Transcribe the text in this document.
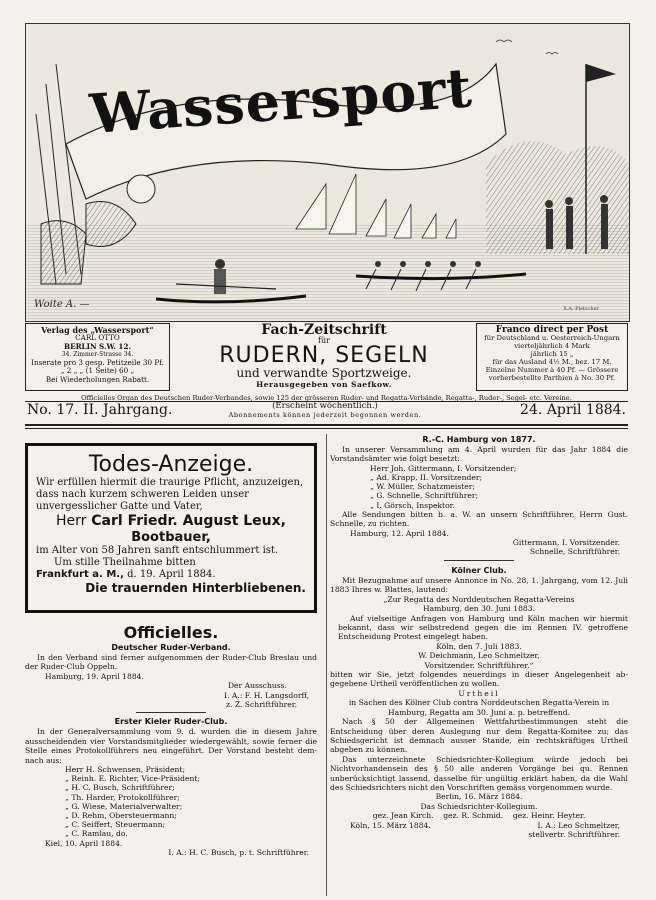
Wassersport
Woite A. —	X.A. Pletscher
Verlag des „Wassersport“
CARL OTTO
BERLIN S.W. 12.
34. Zimmer-Strasse 34.
Inserate pro 3 gesp. Petitzeile 30 Pf.
„ 2 „ „ (1 Seite) 60 „
Bei Wiederholungen Rabatt.
Fach-Zeitschrift
für
RUDERN, SEGELN
und verwandte Sportzweige.
Herausgegeben von Saefkow.
Franco direct per Post
für Deutschland u. Oesterreich-Ungarn
vierteljährlich 4 Mark
jährlich 15 „
für das Ausland 4½ M., bez. 17 M.
Einzelne Nummer à 40 Pf. — Grössere
vorherbestellte Parthien à No. 30 Pf.
Officielles Organ des Deutschen Ruder-Verbandes, sowie 125 der grösseren Ruder- und Regatta-Verbände, Regatta-, Ruder-, Segel- etc. Vereine.
No. 17. II. Jahrgang.	(Erscheint wöchentlich.)
Abonnements können jederzeit begonnen werden.	24. April 1884.
Todes-Anzeige.
Wir erfüllen hiermit die traurige Pflicht, anzuzeigen, dass nach kurzem schweren Leiden unser unvergesslicher Gatte und Vater,
Herr Carl Friedr. August Leux,
Bootbauer,
im Alter von 58 Jahren sanft entschlummert ist.
Um stille Theilnahme bitten
Frankfurt a. M., d. 19. April 1884.
Die trauernden Hinterbliebenen.
Officielles.
Deutscher Ruder-Verband.
In den Verband sind ferner aufgenommen der Ruder-Club Breslau und der Ruder-Club Oppeln.
Hamburg, 19. April 1884.
Der Ausschuss.
I. A.: F. H. Langsdorff,
z. Z. Schriftführer.
Erster Kieler Ruder-Club.
In der Generalversammlung vom 9. d. wurden die in diesem Jahre ausscheidenden vier Vorstandsmitglieder wiedergewählt, sowie ferner die Stelle eines Protokollführers neu eingeführt. Der Vorstand besteht demnach aus:
Herr H. Schwensen, Präsident;
„ Reinh. E. Richter, Vice-Präsident;
„ H. C. Busch, Schriftführer;
„ Th. Harder, Protokollführer;
„ G. Wiese, Materialverwalter;
„ D. Rehm, Obersteuermann;
„ C. Seiffert, Steuermann;
„ C. Ramlau, do.
Kiel, 10. April 1884.
I. A.: H. C. Busch, p. t. Schriftführer.
R.-C. Hamburg von 1877.
In unserer Versammlung am 4. April wurden für das Jahr 1884 die Vorstandsämter wie folgt besetzt:
Herr Joh. Gittermann, I. Vorsitzender;
„ Ad. Krapp, II. Vorsitzender;
„ W. Müller, Schatzmeister;
„ G. Schnelle, Schriftführer;
„ I. Görsch, Inspektor.
Alle Sendungen bitten b. a. W. an unsern Schriftführer, Herrn Gust. Schnelle, zu richten.
Hamburg, 12. April 1884.
Gittermann, I. Vorsitzender.
Schnelle, Schriftführer.
Kölner Club.
Mit Bezugnahme auf unsere Annonce in No. 28, 1. Jahrgang, vom 12. Juli 1883 Ihres w. Blattes, lautend:
„Zur Regatta des Norddeutschen Regatta-Vereins
Hamburg, den 30. Juni 1883.
Auf vielseitige Anfragen von Hamburg und Köln machen wir hiermit bekannt, dass wir selbstredend gegen die im Rennen IV. getroffene Entscheidung Protest eingelegt haben.
Köln, den 7. Juli 1883.
W. Deichmann, Leo Schmeltzer,
Vorsitzender. Schriftführer.“
bitten wir Sie, jetzt folgendes neuerdings in dieser Angelegenheit abgegebene Urtheil veröffentlichen zu wollen.
Urtheil
in Sachen des Kölner Club contra Norddeutschen Regatta-Verein in Hamburg, Regatta am 30. Juni a. p. betreffend.
Nach § 50 der Allgemeinen Wettfahrtbestimmungen steht die Entscheidung über deren Auslegung nur dem Regatta-Komitee zu; das Schiedsgericht ist demnach ausser Stande, ein rechtskräftiges Urtheil abgeben zu können.
Das unterzeichnete Schiedsrichter-Kollegium würde jedoch bei Nichtvorhandensein des § 50 alle anderen Vorgänge bei qu. Rennen unberücksichtigt lassend, dasselbe für ungültig erklärt haben, da die Wahl des Schiedsrichters nicht den Vorschriften gemäss vorgenommen wurde.
Berlin, 16. März 1884.
Das Schiedsrichter-Kollegium.
gez. Jean Kirch.    gez. R. Schmid.    gez. Heinr. Heyter.
Köln, 15. März 1884.	I. A.: Leo Schmeltzer,
stellvertr. Schriftführer.
